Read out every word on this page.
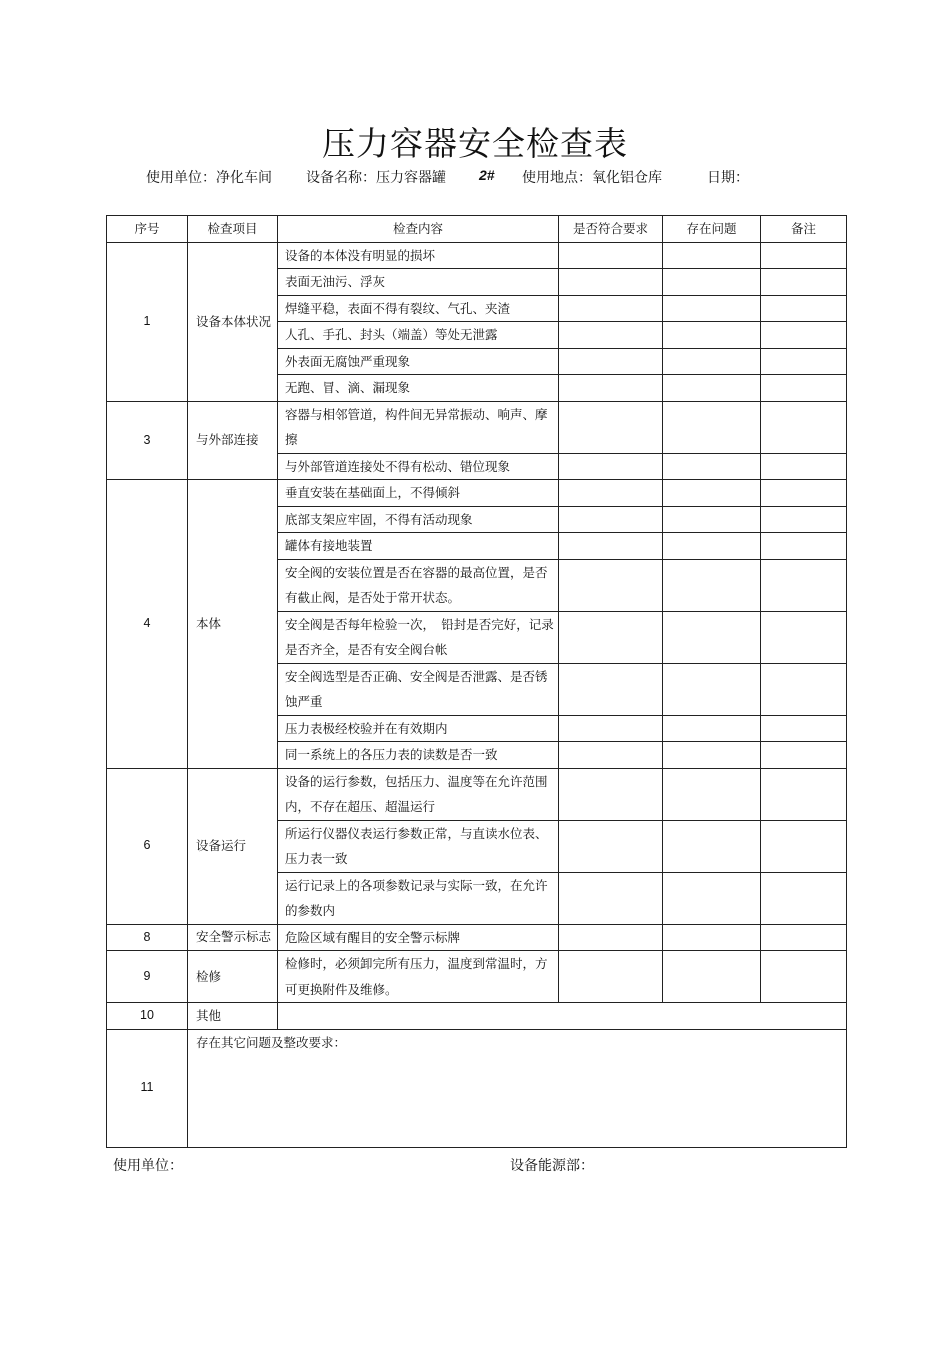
压力容器安全检查表
使用单位：净化车间 设备名称：压力容器罐 2# 使用地点：氧化铝仓库	日期：
序号	检查项目	检查内容	是否符合要求	存在问题	备注
1	设备本体状况	设备的本体没有明显的损坏			
		表面无油污、浮灰			
		焊缝平稳，表面不得有裂纹、气孔、夹渣			
		人孔、手孔、封头（端盖）等处无泄露			
		外表面无腐蚀严重现象			
		无跑、冒、滴、漏现象			
3	与外部连接	容器与相邻管道，构件间无异常振动、响声、摩擦			
		与外部管道连接处不得有松动、错位现象			
4	本体	垂直安装在基础面上，不得倾斜			
		底部支架应牢固，不得有活动现象			
		罐体有接地装置			
		安全阀的安装位置是否在容器的最高位置，是否有截止阀，是否处于常开状态。			
		安全阀是否每年检验一次，　铅封是否完好，记录是否齐全，是否有安全阀台帐			
		安全阀选型是否正确、安全阀是否泄露、是否锈蚀严重			
		压力表极经校验并在有效期内			
		同一系统上的各压力表的读数是否一致			
6	设备运行	设备的运行参数，包括压力、温度等在允许范围内，不存在超压、超温运行			
		所运行仪器仪表运行参数正常，与直读水位表、压力表一致			
		运行记录上的各项参数记录与实际一致，在允许的参数内			
8	安全警示标志	危险区域有醒目的安全警示标牌			
9	检修	检修时，必须卸完所有压力，温度到常温时，方可更换附件及维修。			
10	其他				
11	存在其它问题及整改要求：				
使用单位：	设备能源部：
